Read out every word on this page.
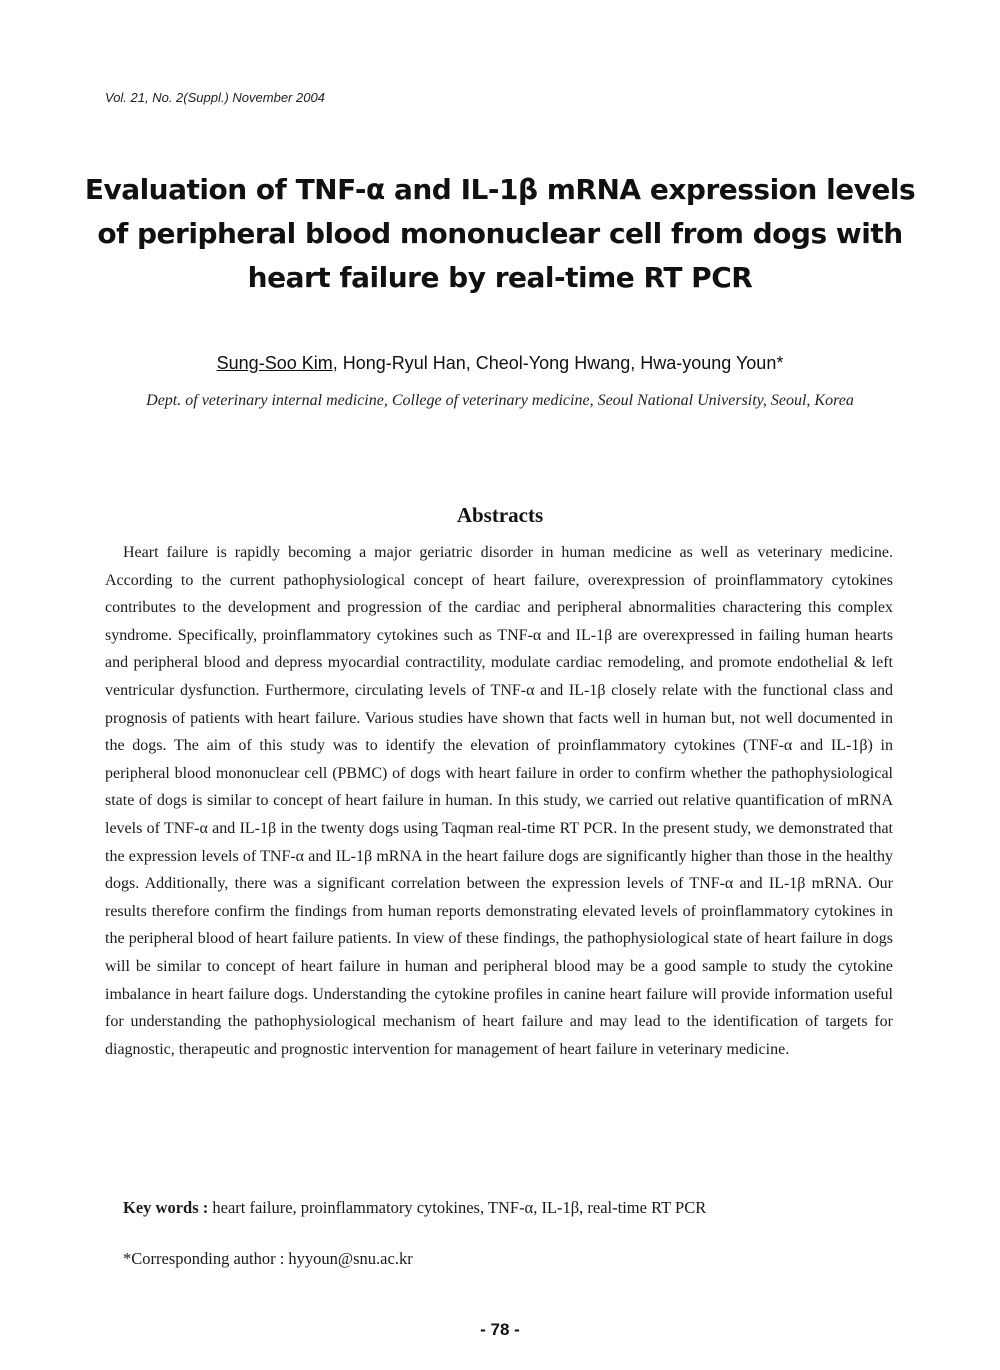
Vol. 21, No. 2(Suppl.) November 2004
Evaluation of TNF-α and IL-1β mRNA expression levels of peripheral blood mononuclear cell from dogs with heart failure by real-time RT PCR
Sung-Soo Kim, Hong-Ryul Han, Cheol-Yong Hwang, Hwa-young Youn*
Dept. of veterinary internal medicine, College of veterinary medicine, Seoul National University, Seoul, Korea
Abstracts
Heart failure is rapidly becoming a major geriatric disorder in human medicine as well as veterinary medicine. According to the current pathophysiological concept of heart failure, overexpression of proinflammatory cytokines contributes to the development and progression of the cardiac and peripheral abnormalities charactering this complex syndrome. Specifically, proinflammatory cytokines such as TNF-α and IL-1β are overexpressed in failing human hearts and peripheral blood and depress myocardial contractility, modulate cardiac remodeling, and promote endothelial & left ventricular dysfunction. Furthermore, circulating levels of TNF-α and IL-1β closely relate with the functional class and prognosis of patients with heart failure. Various studies have shown that facts well in human but, not well documented in the dogs. The aim of this study was to identify the elevation of proinflammatory cytokines (TNF-α and IL-1β) in peripheral blood mononuclear cell (PBMC) of dogs with heart failure in order to confirm whether the pathophysiological state of dogs is similar to concept of heart failure in human. In this study, we carried out relative quantification of mRNA levels of TNF-α and IL-1β in the twenty dogs using Taqman real-time RT PCR. In the present study, we demonstrated that the expression levels of TNF-α and IL-1β mRNA in the heart failure dogs are significantly higher than those in the healthy dogs. Additionally, there was a significant correlation between the expression levels of TNF-α and IL-1β mRNA. Our results therefore confirm the findings from human reports demonstrating elevated levels of proinflammatory cytokines in the peripheral blood of heart failure patients. In view of these findings, the pathophysiological state of heart failure in dogs will be similar to concept of heart failure in human and peripheral blood may be a good sample to study the cytokine imbalance in heart failure dogs. Understanding the cytokine profiles in canine heart failure will provide information useful for understanding the pathophysiological mechanism of heart failure and may lead to the identification of targets for diagnostic, therapeutic and prognostic intervention for management of heart failure in veterinary medicine.
Key words : heart failure, proinflammatory cytokines, TNF-α, IL-1β, real-time RT PCR
*Corresponding author : hyyoun@snu.ac.kr
- 78 -
